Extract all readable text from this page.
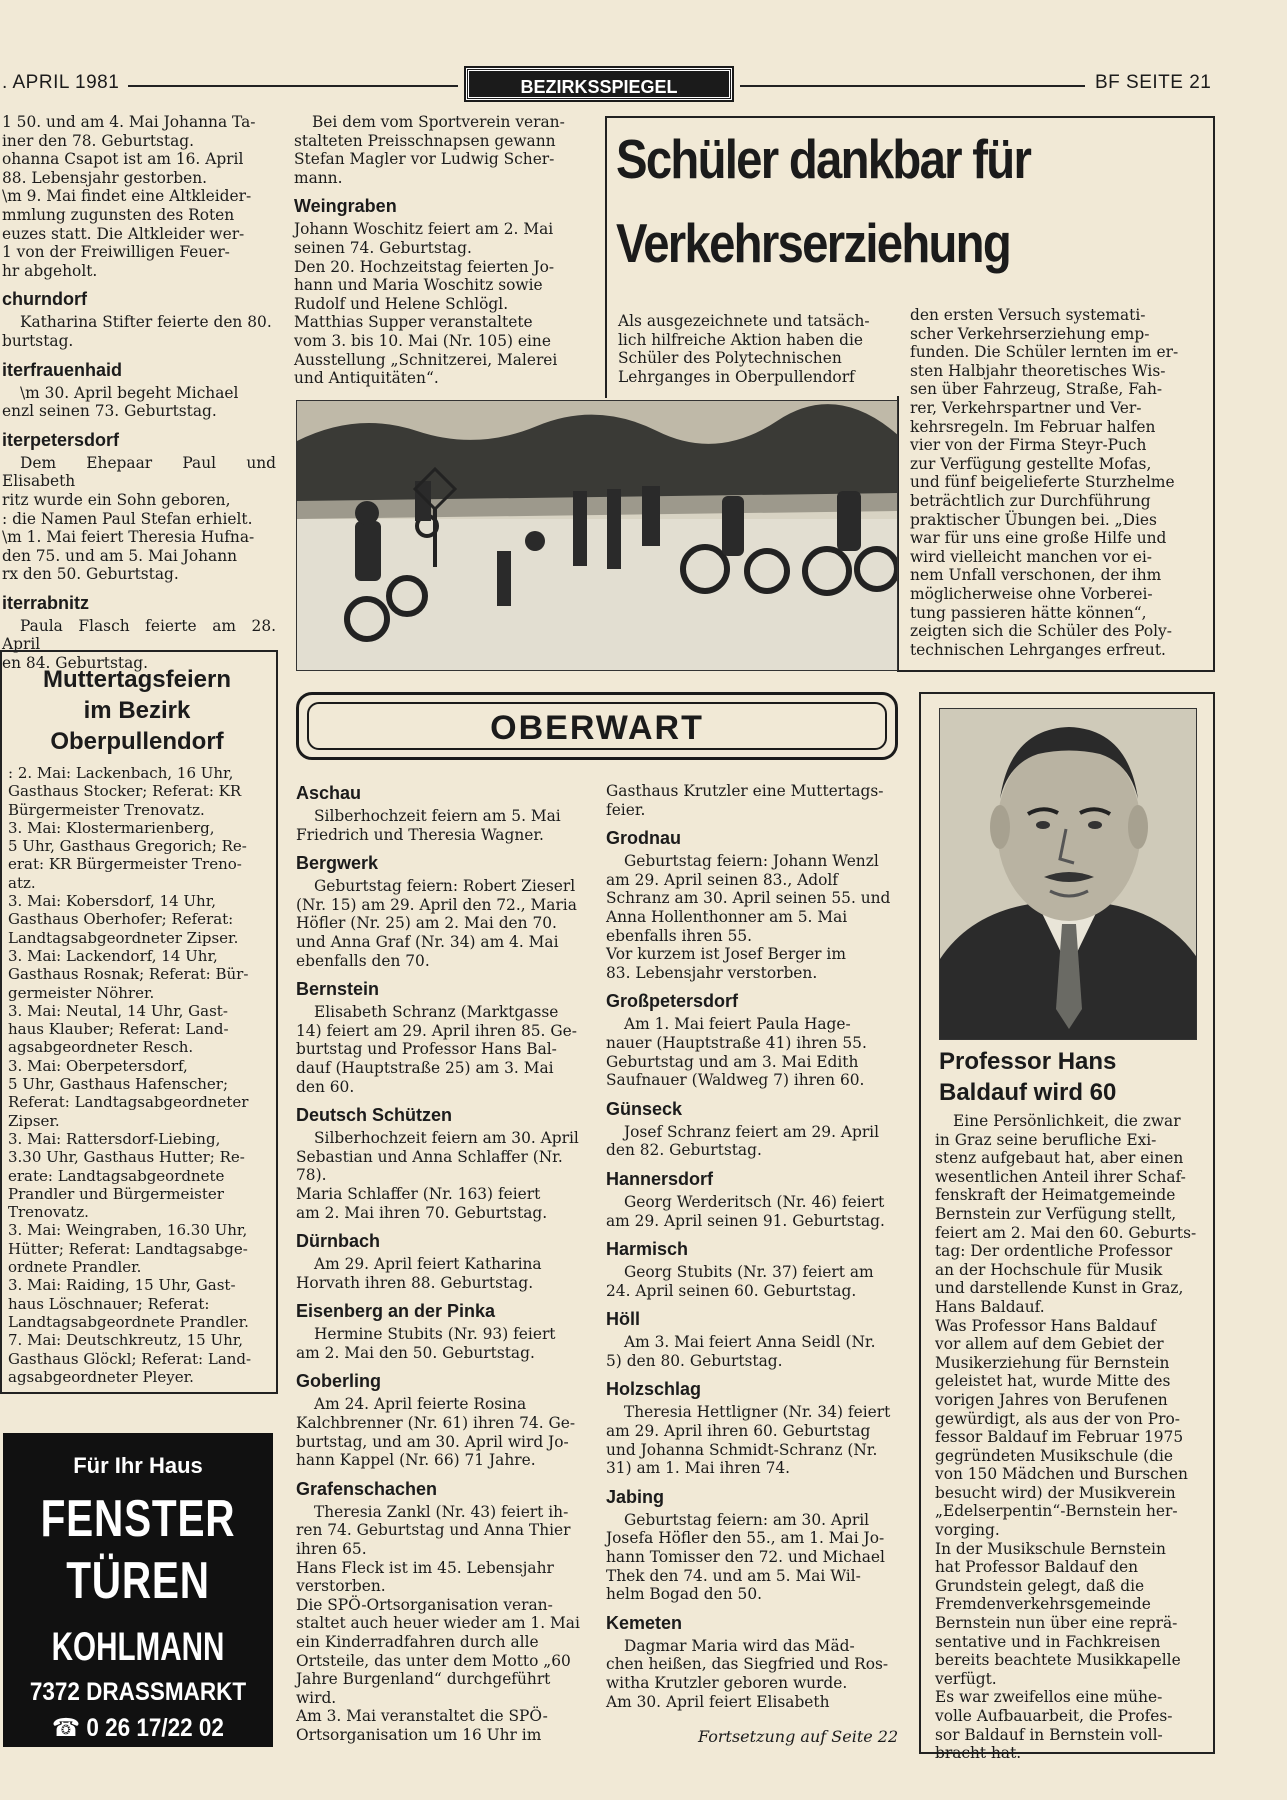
. APRIL 1981	BEZIRKSSPIEGEL	BF SEITE 21
1 50. und am 4. Mai Johanna Ta-
iner den 78. Geburtstag.
ohanna Csapot ist am 16. April
88. Lebensjahr gestorben.
\m 9. Mai findet eine Altkleider-
mmlung zugunsten des Roten
euzes statt. Die Altkleider wer-
1 von der Freiwilligen Feuer-
hr abgeholt.
churndorf
Katharina Stifter feierte den 80.
burtstag.
iterfrauenhaid
\m 30. April begeht Michael
enzl seinen 73. Geburtstag.
iterpetersdorf
Dem Ehepaar Paul und Elisabeth
ritz wurde ein Sohn geboren,
: die Namen Paul Stefan erhielt.
\m 1. Mai feiert Theresia Hufna-
den 75. und am 5. Mai Johann
rx den 50. Geburtstag.
iterrabnitz
Paula Flasch feierte am 28. April
en 84. Geburtstag.
Muttertagsfeiern
im Bezirk
Oberpullendorf
: 2. Mai: Lackenbach, 16 Uhr,
Gasthaus Stocker; Referat: KR
Bürgermeister Trenovatz.
3. Mai: Klostermarienberg,
5 Uhr, Gasthaus Gregorich; Re-
erat: KR Bürgermeister Treno-
atz.
3. Mai: Kobersdorf, 14 Uhr,
Gasthaus Oberhofer; Referat:
Landtagsabgeordneter Zipser.
3. Mai: Lackendorf, 14 Uhr,
Gasthaus Rosnak; Referat: Bür-
germeister Nöhrer.
3. Mai: Neutal, 14 Uhr, Gast-
haus Klauber; Referat: Land-
agsabgeordneter Resch.
3. Mai: Oberpetersdorf,
5 Uhr, Gasthaus Hafenscher;
Referat: Landtagsabgeordneter
Zipser.
3. Mai: Rattersdorf-Liebing,
3.30 Uhr, Gasthaus Hutter; Re-
erate: Landtagsabgeordnete
Prandler und Bürgermeister
Trenovatz.
3. Mai: Weingraben, 16.30 Uhr,
Hütter; Referat: Landtagsabge-
ordnete Prandler.
3. Mai: Raiding, 15 Uhr, Gast-
haus Löschnauer; Referat:
Landtagsabgeordnete Prandler.
7. Mai: Deutschkreutz, 15 Uhr,
Gasthaus Glöckl; Referat: Land-
agsabgeordneter Pleyer.
Für Ihr Haus
FENSTER
TÜREN
KOHLMANN
7372 DRASSMARKT
☎ 0 26 17/22 02
Bei dem vom Sportverein veran-
stalteten Preisschnapsen gewann
Stefan Magler vor Ludwig Scher-
mann.
Weingraben
Johann Woschitz feiert am 2. Mai
seinen 74. Geburtstag.
Den 20. Hochzeitstag feierten Jo-
hann und Maria Woschitz sowie
Rudolf und Helene Schlögl.
Matthias Supper veranstaltete
vom 3. bis 10. Mai (Nr. 105) eine
Ausstellung „Schnitzerei, Malerei
und Antiquitäten“.
Schüler dankbar für
Verkehrserziehung
Als ausgezeichnete und tatsäch-
lich hilfreiche Aktion haben die
Schüler des Polytechnischen
Lehrganges in Oberpullendorf
den ersten Versuch systemati-
scher Verkehrserziehung emp-
funden. Die Schüler lernten im er-
sten Halbjahr theoretisches Wis-
sen über Fahrzeug, Straße, Fah-
rer, Verkehrspartner und Ver-
kehrsregeln. Im Februar halfen
vier von der Firma Steyr-Puch
zur Verfügung gestellte Mofas,
und fünf beigelieferte Sturzhelme
beträchtlich zur Durchführung
praktischer Übungen bei. „Dies
war für uns eine große Hilfe und
wird vielleicht manchen vor ei-
nem Unfall verschonen, der ihm
möglicherweise ohne Vorberei-
tung passieren hätte können“,
zeigten sich die Schüler des Poly-
technischen Lehrganges erfreut.
OBERWART
Aschau
Silberhochzeit feiern am 5. Mai
Friedrich und Theresia Wagner.
Bergwerk
Geburtstag feiern: Robert Zieserl
(Nr. 15) am 29. April den 72., Maria
Höfler (Nr. 25) am 2. Mai den 70.
und Anna Graf (Nr. 34) am 4. Mai
ebenfalls den 70.
Bernstein
Elisabeth Schranz (Marktgasse
14) feiert am 29. April ihren 85. Ge-
burtstag und Professor Hans Bal-
dauf (Hauptstraße 25) am 3. Mai
den 60.
Deutsch Schützen
Silberhochzeit feiern am 30. April
Sebastian und Anna Schlaffer (Nr.
78).
Maria Schlaffer (Nr. 163) feiert
am 2. Mai ihren 70. Geburtstag.
Dürnbach
Am 29. April feiert Katharina
Horvath ihren 88. Geburtstag.
Eisenberg an der Pinka
Hermine Stubits (Nr. 93) feiert
am 2. Mai den 50. Geburtstag.
Goberling
Am 24. April feierte Rosina
Kalchbrenner (Nr. 61) ihren 74. Ge-
burtstag, und am 30. April wird Jo-
hann Kappel (Nr. 66) 71 Jahre.
Grafenschachen
Theresia Zankl (Nr. 43) feiert ih-
ren 74. Geburtstag und Anna Thier
ihren 65.
Hans Fleck ist im 45. Lebensjahr
verstorben.
Die SPÖ-Ortsorganisation veran-
staltet auch heuer wieder am 1. Mai
ein Kinderradfahren durch alle
Ortsteile, das unter dem Motto „60
Jahre Burgenland“ durchgeführt
wird.
Am 3. Mai veranstaltet die SPÖ-
Ortsorganisation um 16 Uhr im
Gasthaus Krutzler eine Muttertags-
feier.
Grodnau
Geburtstag feiern: Johann Wenzl
am 29. April seinen 83., Adolf
Schranz am 30. April seinen 55. und
Anna Hollenthonner am 5. Mai
ebenfalls ihren 55.
Vor kurzem ist Josef Berger im
83. Lebensjahr verstorben.
Großpetersdorf
Am 1. Mai feiert Paula Hage-
nauer (Hauptstraße 41) ihren 55.
Geburtstag und am 3. Mai Edith
Saufnauer (Waldweg 7) ihren 60.
Günseck
Josef Schranz feiert am 29. April
den 82. Geburtstag.
Hannersdorf
Georg Werderitsch (Nr. 46) feiert
am 29. April seinen 91. Geburtstag.
Harmisch
Georg Stubits (Nr. 37) feiert am
24. April seinen 60. Geburtstag.
Höll
Am 3. Mai feiert Anna Seidl (Nr.
5) den 80. Geburtstag.
Holzschlag
Theresia Hettligner (Nr. 34) feiert
am 29. April ihren 60. Geburtstag
und Johanna Schmidt-Schranz (Nr.
31) am 1. Mai ihren 74.
Jabing
Geburtstag feiern: am 30. April
Josefa Höfler den 55., am 1. Mai Jo-
hann Tomisser den 72. und Michael
Thek den 74. und am 5. Mai Wil-
helm Bogad den 50.
Kemeten
Dagmar Maria wird das Mäd-
chen heißen, das Siegfried und Ros-
witha Krutzler geboren wurde.
Am 30. April feiert Elisabeth
Fortsetzung auf Seite 22
Professor Hans
Baldauf wird 60
Eine Persönlichkeit, die zwar
in Graz seine berufliche Exi-
stenz aufgebaut hat, aber einen
wesentlichen Anteil ihrer Schaf-
fenskraft der Heimatgemeinde
Bernstein zur Verfügung stellt,
feiert am 2. Mai den 60. Geburts-
tag: Der ordentliche Professor
an der Hochschule für Musik
und darstellende Kunst in Graz,
Hans Baldauf.
Was Professor Hans Baldauf
vor allem auf dem Gebiet der
Musikerziehung für Bernstein
geleistet hat, wurde Mitte des
vorigen Jahres von Berufenen
gewürdigt, als aus der von Pro-
fessor Baldauf im Februar 1975
gegründeten Musikschule (die
von 150 Mädchen und Burschen
besucht wird) der Musikverein
„Edelserpentin“-Bernstein her-
vorging.
In der Musikschule Bernstein
hat Professor Baldauf den
Grundstein gelegt, daß die
Fremdenverkehrsgemeinde
Bernstein nun über eine reprä-
sentative und in Fachkreisen
bereits beachtete Musikkapelle
verfügt.
Es war zweifellos eine mühe-
volle Aufbauarbeit, die Profes-
sor Baldauf in Bernstein voll-
bracht hat.
